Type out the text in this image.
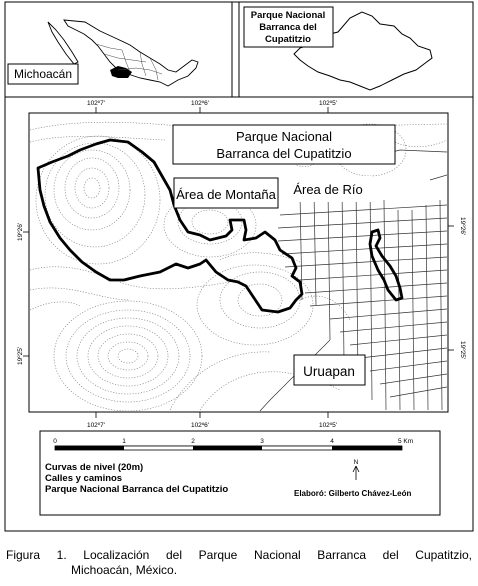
Michoacán
Parque Nacional
Barranca del
Cupatitzio
102º7'	102º6'	102º5'
102º7'	102º6'	102º5'
19º26'
19º25'
19º26'
19º25'
Parque Nacional
Barranca del Cupatitzio
Área de Montaña Área de Río
Uruapan
0	1	2	3	4	5 Km
Curvas de nivel (20m)
Calles y caminos
Parque Nacional Barranca del Cupatitzio
N
Elaboró: Gilberto Chávez-León
Figura 1. Localización del Parque Nacional Barranca del Cupatitzio,
Michoacán, México.
